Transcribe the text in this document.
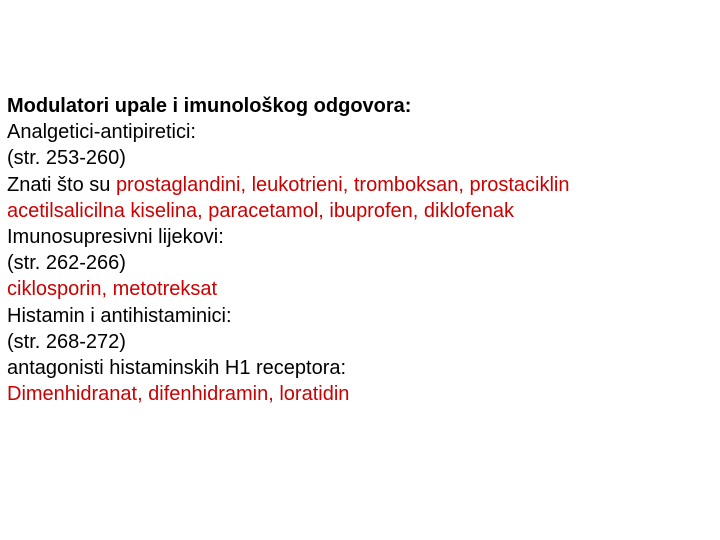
Modulatori upale i imunološkog odgovora:
Analgetici-antipiretici:
(str. 253-260)
Znati što su prostaglandini, leukotrieni, tromboksan, prostaciklin
acetilsalicilna kiselina, paracetamol, ibuprofen, diklofenak
Imunosupresivni lijekovi:
(str. 262-266)
ciklosporin, metotreksat
Histamin i antihistaminici:
(str. 268-272)
antagonisti histaminskih H1 receptora:
Dimenhidranat, difenhidramin, loratidin
